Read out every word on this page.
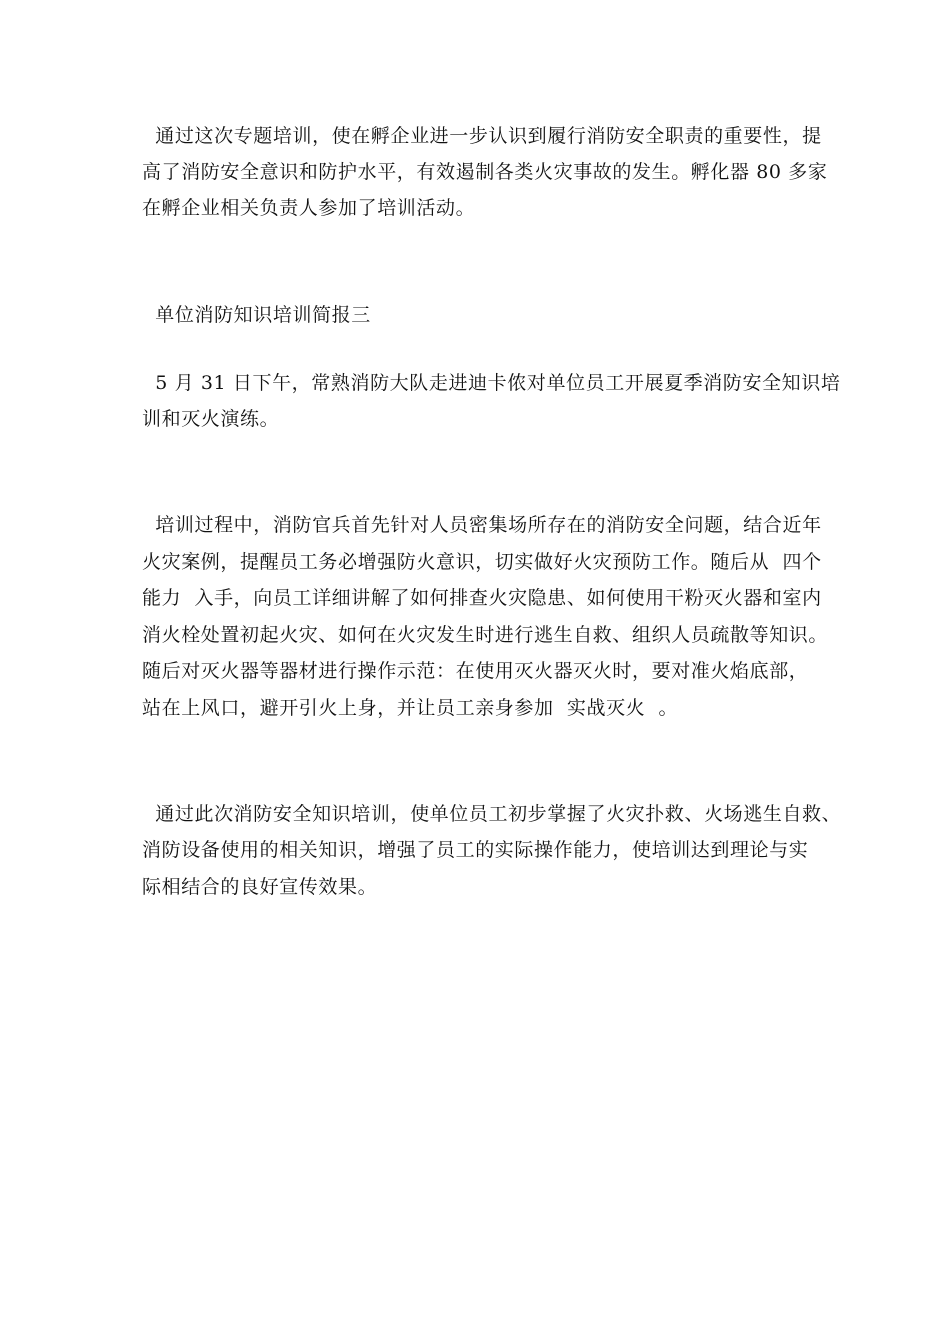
通过这次专题培训，使在孵企业进一步认识到履行消防安全职责的重要性，提
高了消防安全意识和防护水平，有效遏制各类火灾事故的发生。孵化器 80 多家
在孵企业相关负责人参加了培训活动。
单位消防知识培训简报三
5 月 31 日下午，常熟消防大队走进迪卡侬对单位员工开展夏季消防安全知识培
训和灭火演练。
培训过程中，消防官兵首先针对人员密集场所存在的消防安全问题，结合近年
火灾案例，提醒员工务必增强防火意识，切实做好火灾预防工作。随后从  四个
能力  入手，向员工详细讲解了如何排查火灾隐患、如何使用干粉灭火器和室内
消火栓处置初起火灾、如何在火灾发生时进行逃生自救、组织人员疏散等知识。
随后对灭火器等器材进行操作示范：在使用灭火器灭火时，要对准火焰底部，
站在上风口，避开引火上身，并让员工亲身参加  实战灭火  。
通过此次消防安全知识培训，使单位员工初步掌握了火灾扑救、火场逃生自救、
消防设备使用的相关知识，增强了员工的实际操作能力，使培训达到理论与实
际相结合的良好宣传效果。
